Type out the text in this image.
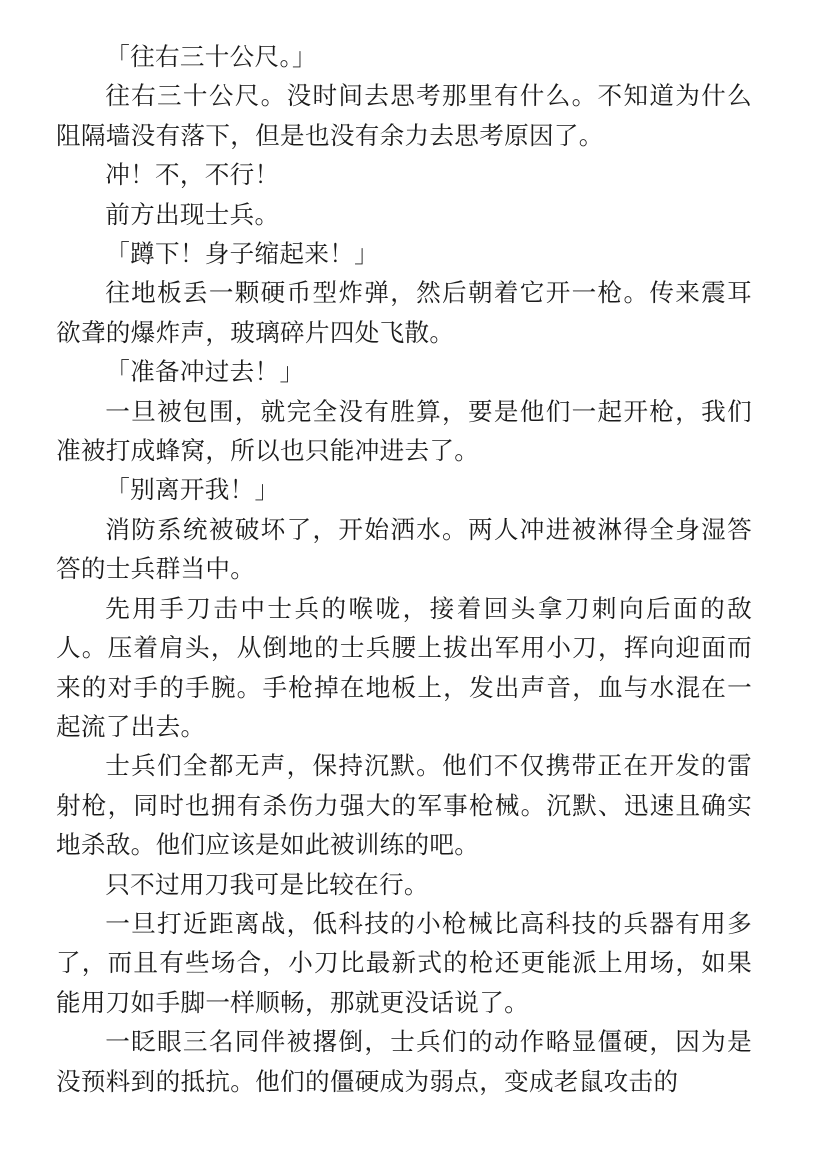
「往右三十公尺。」

往右三十公尺。没时间去思考那里有什么。不知道为什么阻隔墙没有落下，但是也没有余力去思考原因了。

冲！不，不行！

前方出现士兵。

「蹲下！身子缩起来！」

往地板丢一颗硬币型炸弹，然后朝着它开一枪。传来震耳欲聋的爆炸声，玻璃碎片四处飞散。

「准备冲过去！」

一旦被包围，就完全没有胜算，要是他们一起开枪，我们准被打成蜂窝，所以也只能冲进去了。

「别离开我！」

消防系统被破坏了，开始洒水。两人冲进被淋得全身湿答答的士兵群当中。

先用手刀击中士兵的喉咙，接着回头拿刀刺向后面的敌人。压着肩头，从倒地的士兵腰上拔出军用小刀，挥向迎面而来的对手的手腕。手枪掉在地板上，发出声音，血与水混在一起流了出去。

士兵们全都无声，保持沉默。他们不仅携带正在开发的雷射枪，同时也拥有杀伤力强大的军事枪械。沉默、迅速且确实地杀敌。他们应该是如此被训练的吧。

只不过用刀我可是比较在行。

一旦打近距离战，低科技的小枪械比高科技的兵器有用多了，而且有些场合，小刀比最新式的枪还更能派上用场，如果能用刀如手脚一样顺畅，那就更没话说了。

一眨眼三名同伴被撂倒，士兵们的动作略显僵硬，因为是没预料到的抵抗。他们的僵硬成为弱点，变成老鼠攻击的
